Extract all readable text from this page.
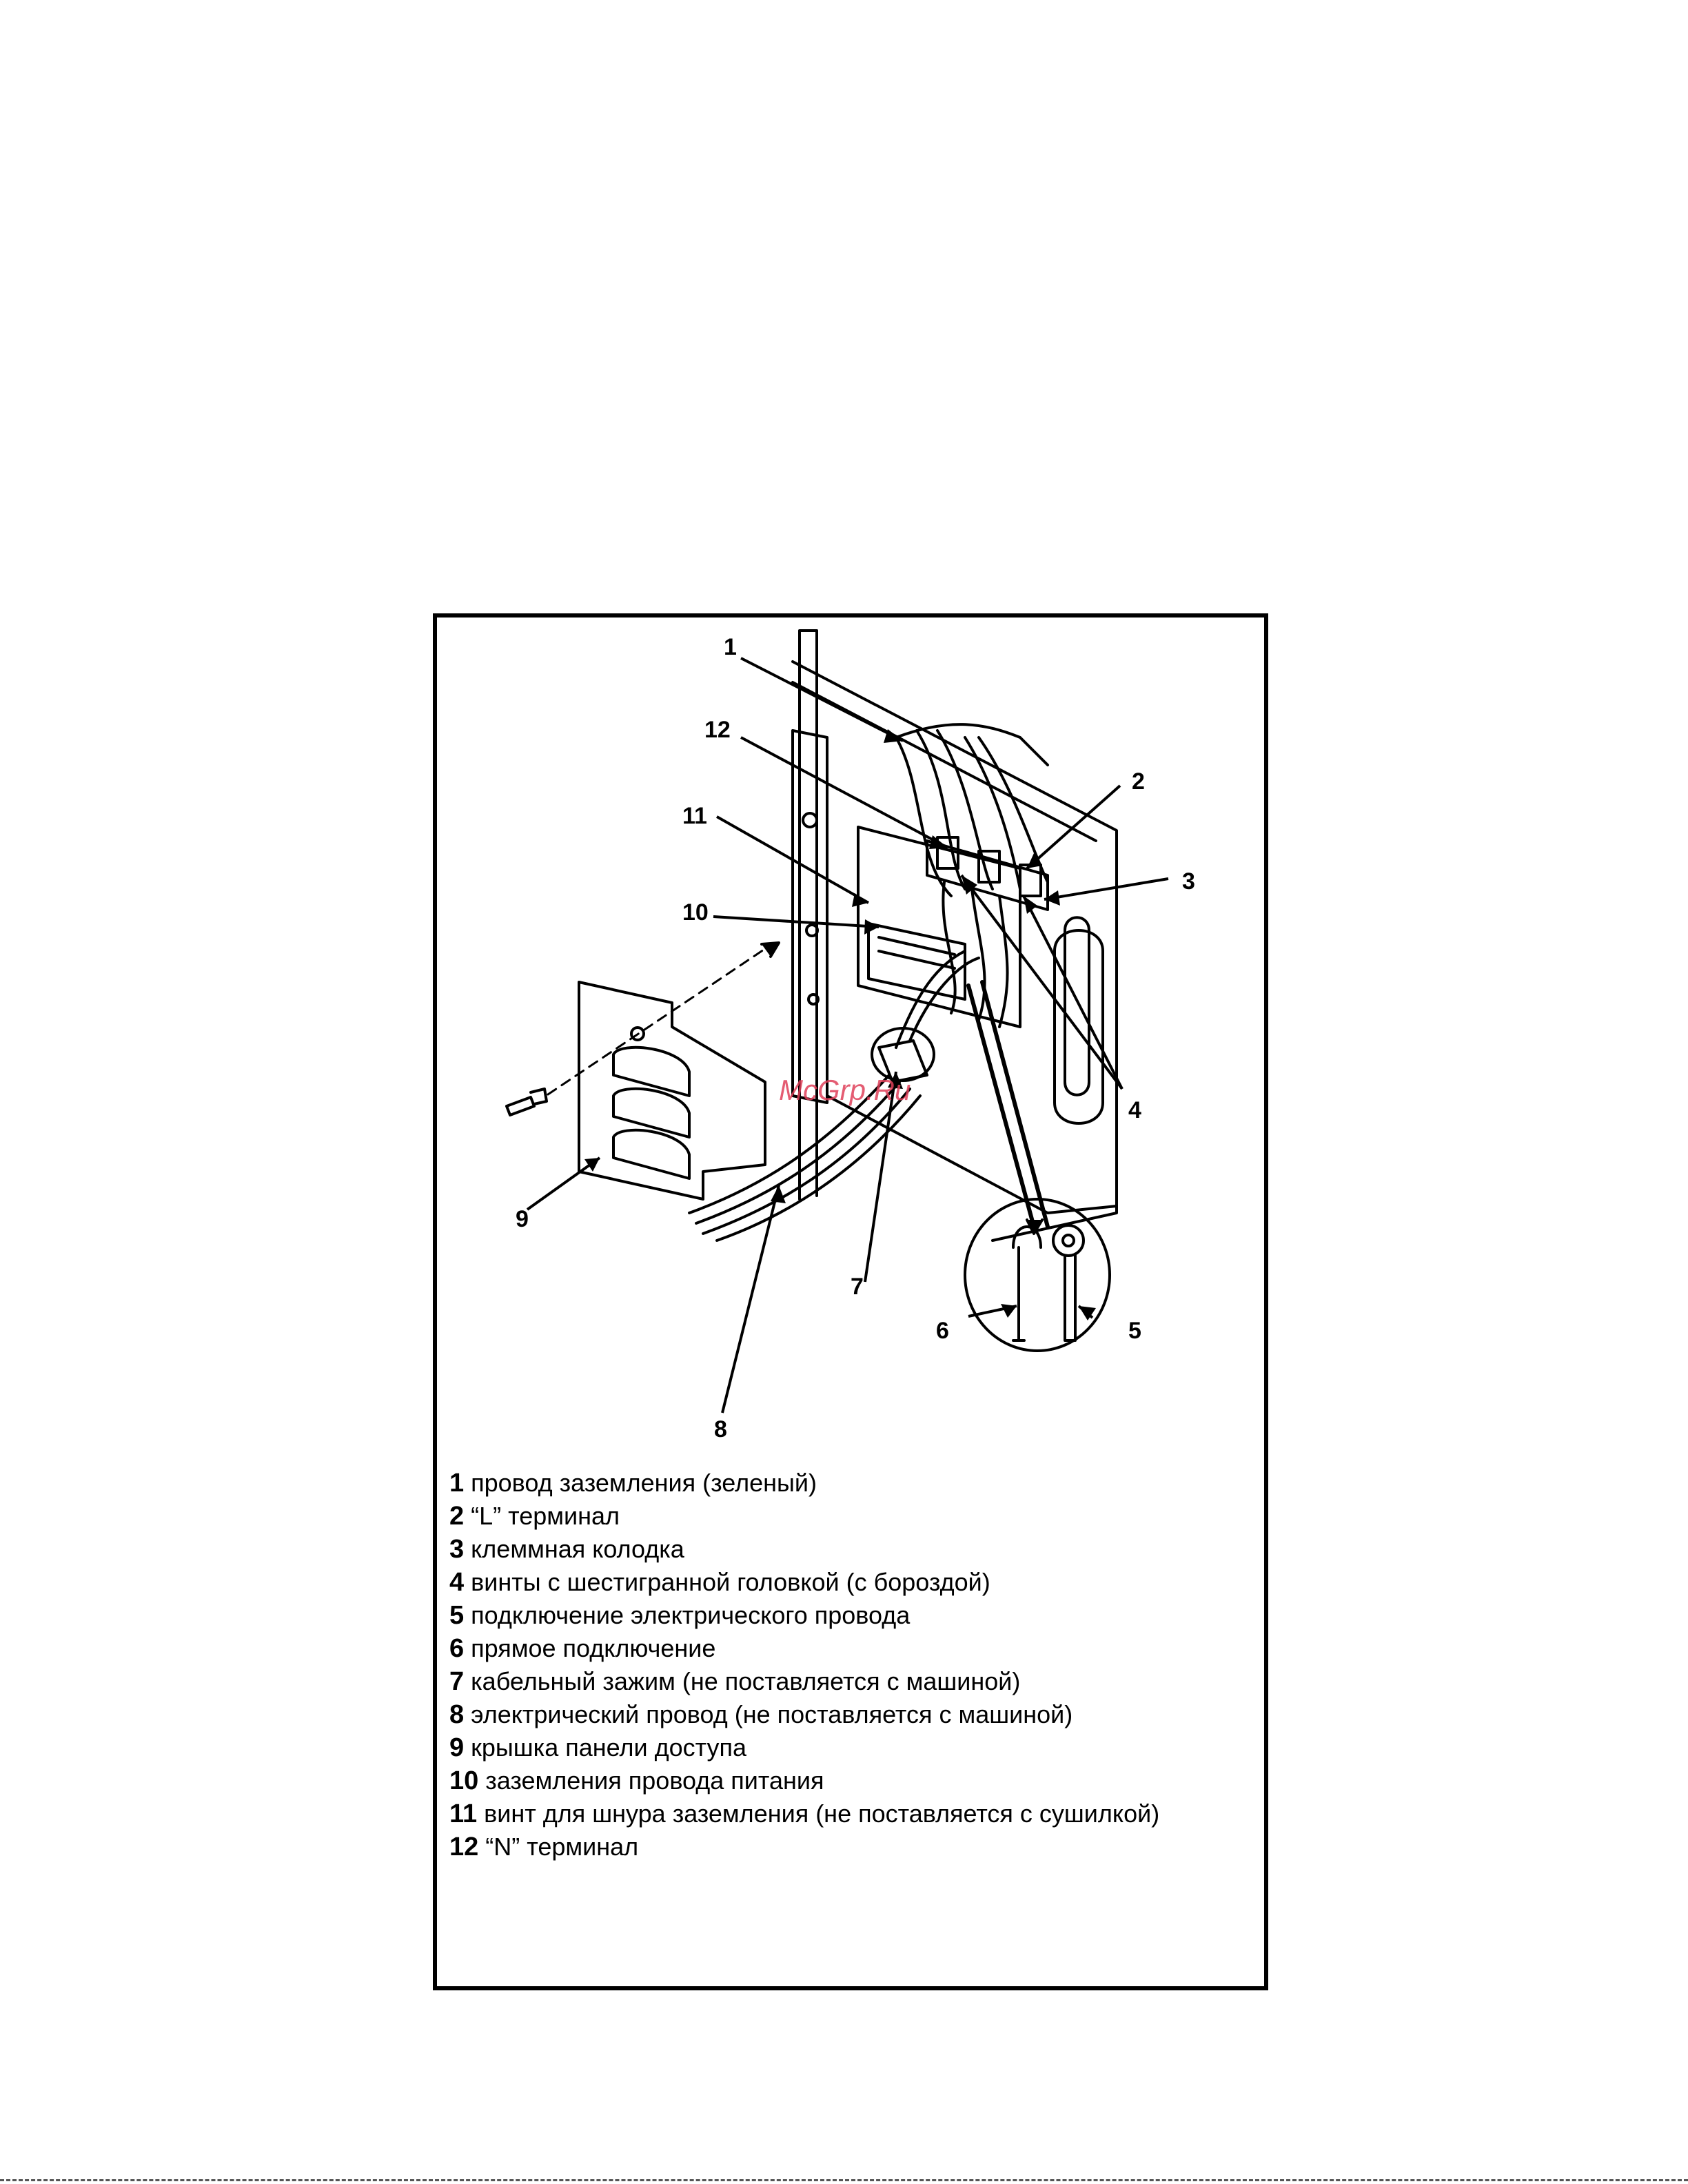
1
2
3
4
5
6
7
8
9
10
11
12
McGrp.Ru
1 провод заземления (зеленый)
2 “L” терминал
3 клеммная колодка
4 винты с шестигранной головкой (с бороздой)
5 подключение электрического провода
6 прямое подключение
7 кабельный зажим (не поставляется с машиной)
8 электрический провод (не поставляется с машиной)
9 крышка панели доступа
10 заземления провода питания
11 винт для шнура заземления (не поставляется с сушилкой)
12 “N” терминал
